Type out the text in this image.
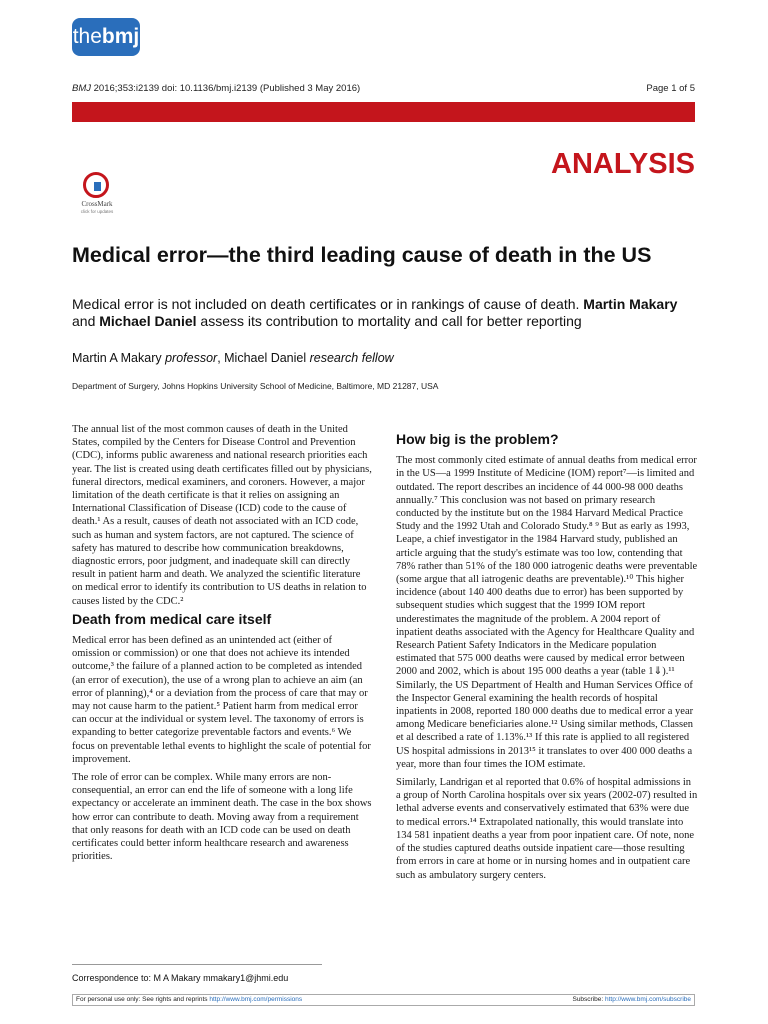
thebmj
BMJ 2016;353:i2139 doi: 10.1136/bmj.i2139 (Published 3 May 2016)	Page 1 of 5
ANALYSIS
CrossMark
click for updates
Medical error—the third leading cause of death in the US

Medical error is not included on death certificates or in rankings of cause of death. Martin Makary and Michael Daniel assess its contribution to mortality and call for better reporting

Martin A Makary professor, Michael Daniel research fellow
Department of Surgery, Johns Hopkins University School of Medicine, Baltimore, MD 21287, USA

The annual list of the most common causes of death in the United States, compiled by the Centers for Disease Control and Prevention (CDC), informs public awareness and national research priorities each year. The list is created using death certificates filled out by physicians, funeral directors, medical examiners, and coroners. However, a major limitation of the death certificate is that it relies on assigning an International Classification of Disease (ICD) code to the cause of death.¹ As a result, causes of death not associated with an ICD code, such as human and system factors, are not captured. The science of safety has matured to describe how communication breakdowns, diagnostic errors, poor judgment, and inadequate skill can directly result in patient harm and death. We analyzed the scientific literature on medical error to identify its contribution to US deaths in relation to causes listed by the CDC.²

Death from medical care itself

Medical error has been defined as an unintended act (either of omission or commission) or one that does not achieve its intended outcome,³ the failure of a planned action to be completed as intended (an error of execution), the use of a wrong plan to achieve an aim (an error of planning),⁴ or a deviation from the process of care that may or may not cause harm to the patient.⁵ Patient harm from medical error can occur at the individual or system level. The taxonomy of errors is expanding to better categorize preventable factors and events.⁶ We focus on preventable lethal events to highlight the scale of potential for improvement.

The role of error can be complex. While many errors are non-consequential, an error can end the life of someone with a long life expectancy or accelerate an imminent death. The case in the box shows how error can contribute to death. Moving away from a requirement that only reasons for death with an ICD code can be used on death certificates could better inform healthcare research and awareness priorities.

How big is the problem?

The most commonly cited estimate of annual deaths from medical error in the US—a 1999 Institute of Medicine (IOM) report⁷—is limited and outdated. The report describes an incidence of 44 000-98 000 deaths annually.⁷ This conclusion was not based on primary research conducted by the institute but on the 1984 Harvard Medical Practice Study and the 1992 Utah and Colorado Study.⁸ ⁹ But as early as 1993, Leape, a chief investigator in the 1984 Harvard study, published an article arguing that the study's estimate was too low, contending that 78% rather than 51% of the 180 000 iatrogenic deaths were preventable (some argue that all iatrogenic deaths are preventable).¹⁰ This higher incidence (about 140 400 deaths due to error) has been supported by subsequent studies which suggest that the 1999 IOM report underestimates the magnitude of the problem. A 2004 report of inpatient deaths associated with the Agency for Healthcare Quality and Research Patient Safety Indicators in the Medicare population estimated that 575 000 deaths were caused by medical error between 2000 and 2002, which is about 195 000 deaths a year (table 1⇓).¹¹ Similarly, the US Department of Health and Human Services Office of the Inspector General examining the health records of hospital inpatients in 2008, reported 180 000 deaths due to medical error a year among Medicare beneficiaries alone.¹² Using similar methods, Classen et al described a rate of 1.13%.¹³ If this rate is applied to all registered US hospital admissions in 2013¹⁵ it translates to over 400 000 deaths a year, more than four times the IOM estimate.

Similarly, Landrigan et al reported that 0.6% of hospital admissions in a group of North Carolina hospitals over six years (2002-07) resulted in lethal adverse events and conservatively estimated that 63% were due to medical errors.¹⁴ Extrapolated nationally, this would translate into 134 581 inpatient deaths a year from poor inpatient care. Of note, none of the studies captured deaths outside inpatient care—those resulting from errors in care at home or in nursing homes and in outpatient care such as ambulatory surgery centers.

Correspondence to: M A Makary mmakary1@jhmi.edu
For personal use only: See rights and reprints http://www.bmj.com/permissions	Subscribe: http://www.bmj.com/subscribe
